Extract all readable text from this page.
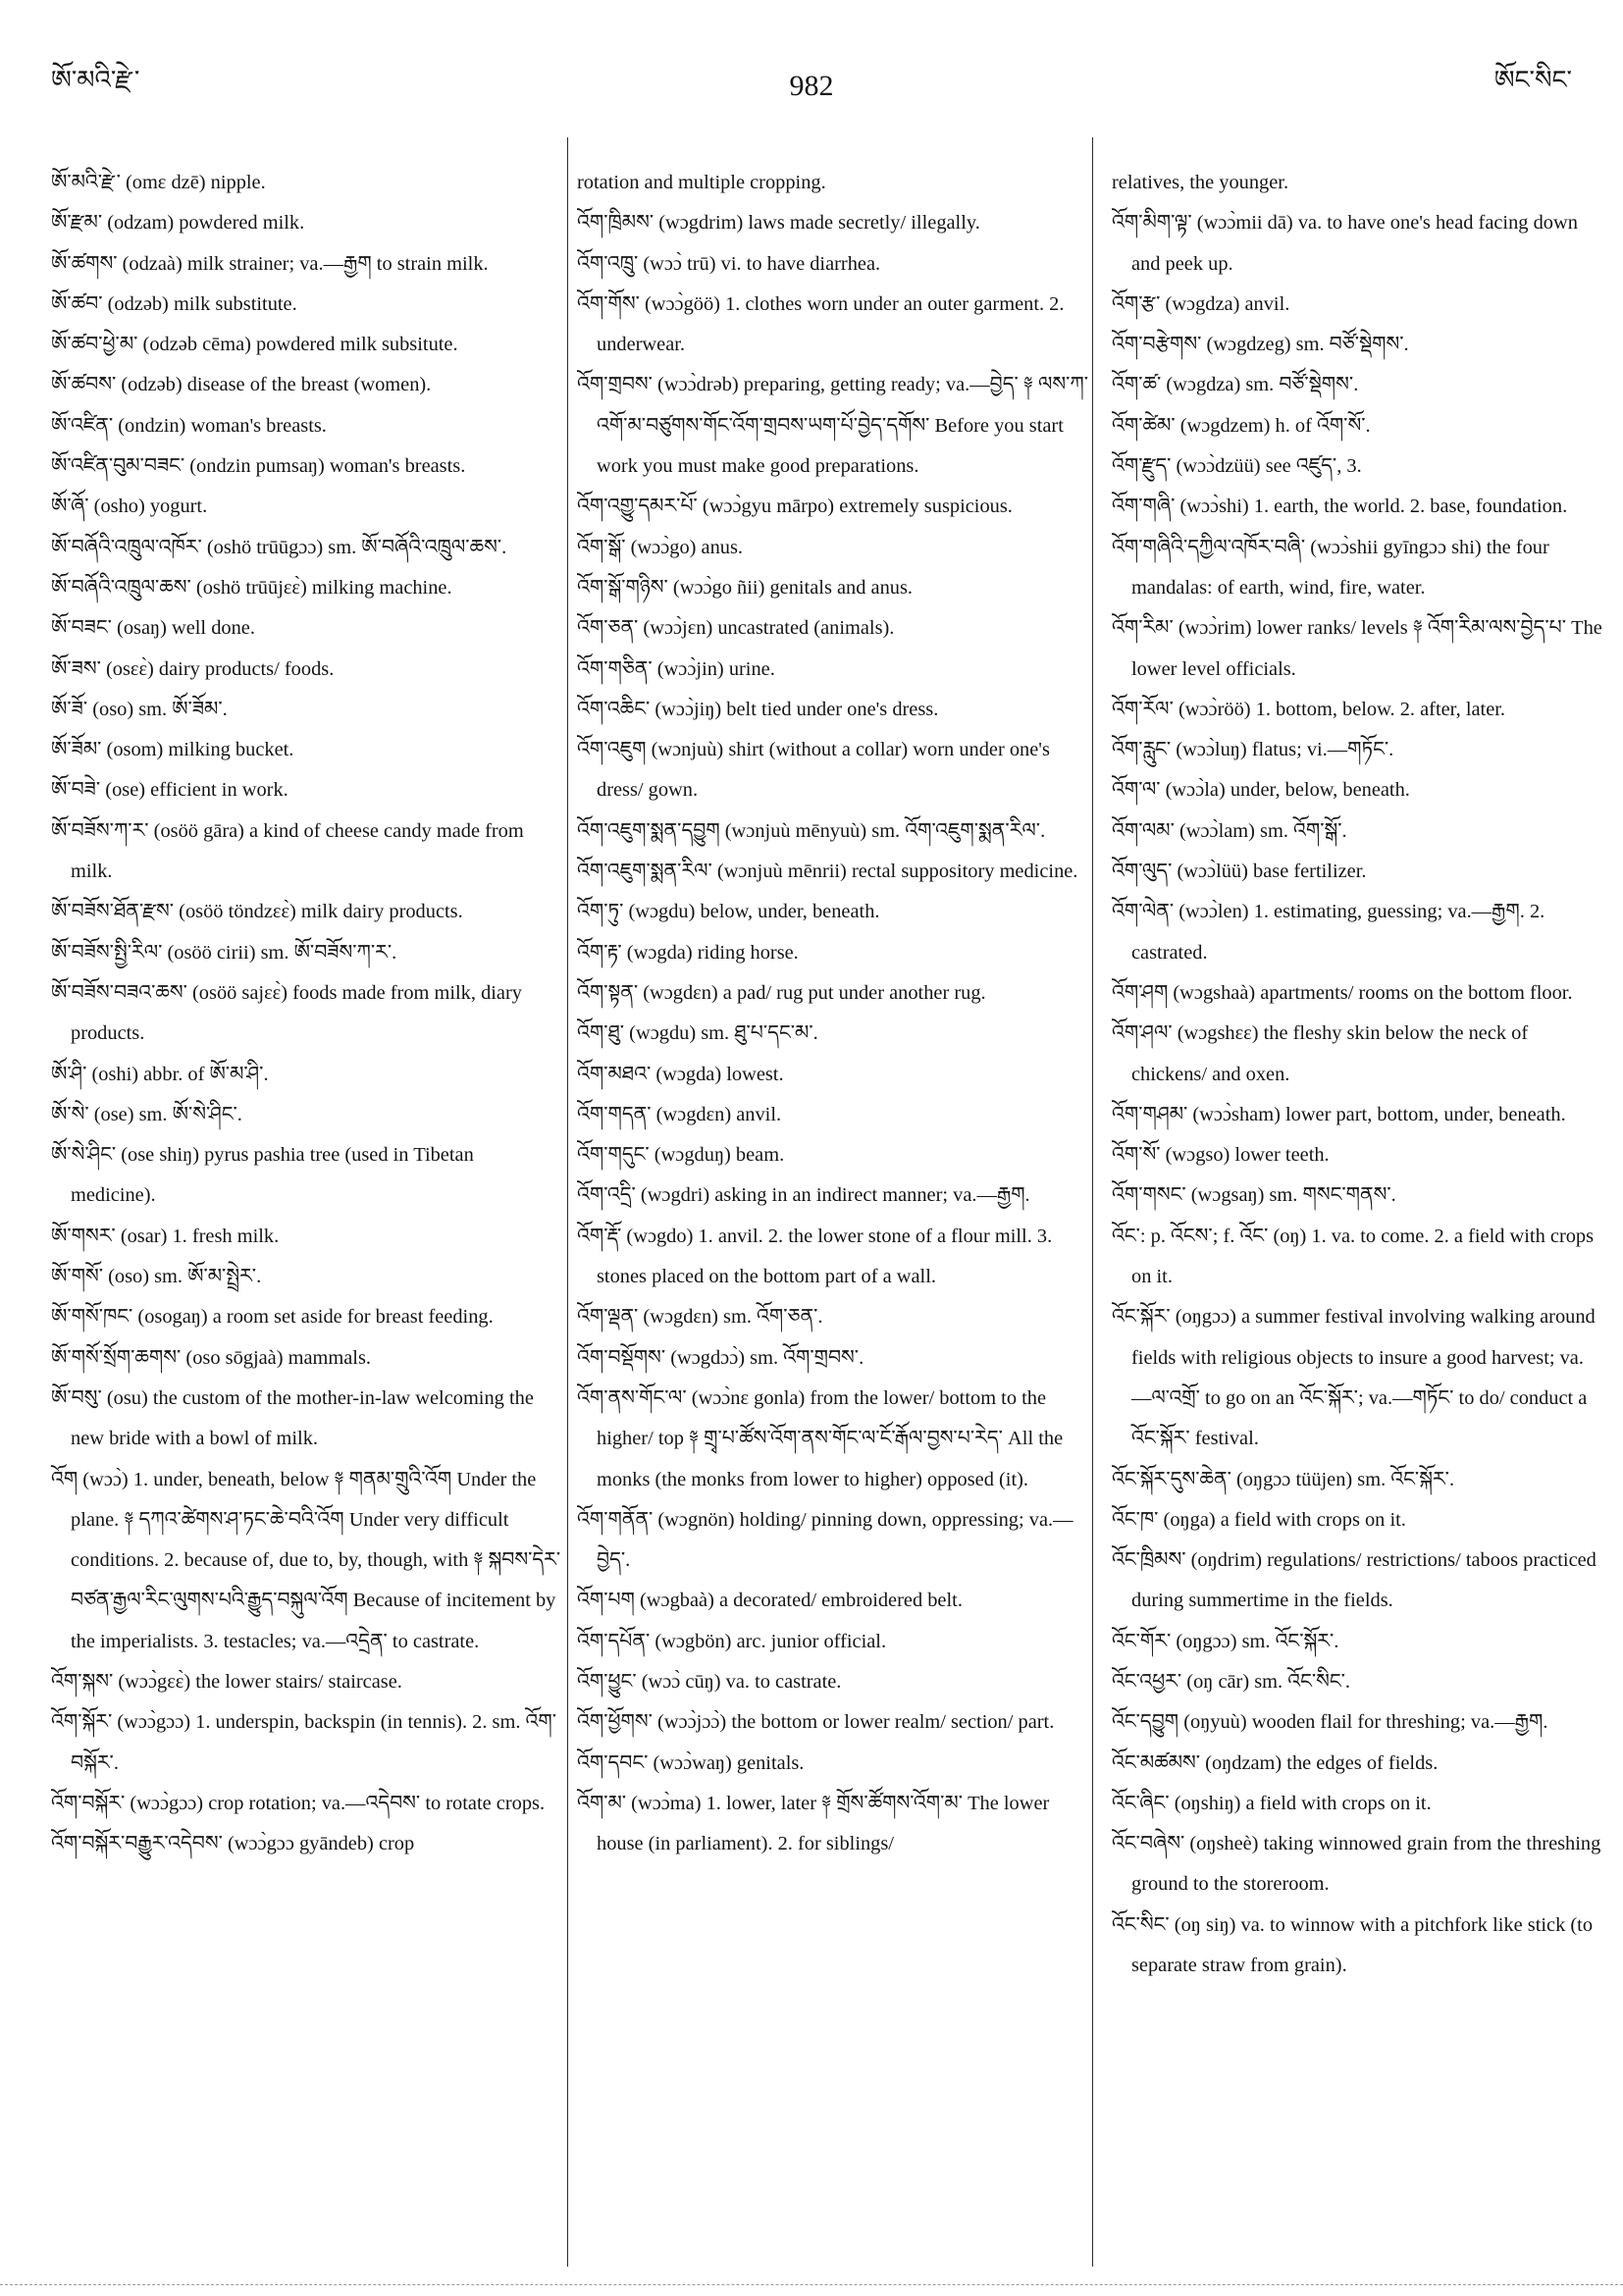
ཨོ་མའི་རྫེ་	982	ཨོང་སིང་

ཨོ་མའི་རྫེ་ (omɛ dzē) nipple.

ཨོ་རྫམ་ (odzam) powdered milk.

ཨོ་ཚགས་ (odzaà) milk strainer; va.—རྒྱག to strain milk.

ཨོ་ཚབ་ (odzəb) milk substitute.

ཨོ་ཚབ་ཕྱེ་མ་ (odzəb cēma) powdered milk subsitute.

ཨོ་ཚབས་ (odzəb) disease of the breast (women).

ཨོ་འཛིན་ (ondzin) woman's breasts.

ཨོ་འཛིན་བུམ་བཟང་ (ondzin pumsaŋ) woman's breasts.

ཨོ་ཞོ་ (osho) yogurt.

ཨོ་བཞོའི་འཁྲུལ་འཁོར་ (oshö trūūgɔɔ) sm. ཨོ་བཞོའི་འཁྲུལ་ཆས་.

ཨོ་བཞོའི་འཁྲུལ་ཆས་ (oshö trūūjɛɛ̀) milking machine.

ཨོ་བཟང་ (osaŋ) well done.

ཨོ་ཟས་ (osɛɛ̀) dairy products/ foods.

ཨོ་ཟོ་ (oso) sm. ཨོ་ཟོམ་.

ཨོ་ཟོམ་ (osom) milking bucket.

ཨོ་བཟེ་ (ose) efficient in work.

ཨོ་བཟོས་ཀ་ར་ (osöö gāra) a kind of cheese candy made from milk.

ཨོ་བཟོས་ཐོན་རྫས་ (osöö töndzɛɛ̀) milk dairy products.

ཨོ་བཟོས་སྤྱི་རིལ་ (osöö cirii) sm. ཨོ་བཟོས་ཀ་ར་.

ཨོ་བཟོས་བཟའ་ཆས་ (osöö sajɛɛ̀) foods made from milk, diary products.

ཨོ་ཤི་ (oshi) abbr. of ཨོ་མ་ཤི་.

ཨོ་སེ་ (ose) sm. ཨོ་སེ་ཤིང་.

ཨོ་སེ་ཤིང་ (ose shiŋ) pyrus pashia tree (used in Tibetan medicine).

ཨོ་གསར་ (osar) 1. fresh milk.

ཨོ་གསོ་ (oso) sm. ཨོ་མ་སྤྲེར་.

ཨོ་གསོ་ཁང་ (osogaŋ) a room set aside for breast feeding.

ཨོ་གསོ་སྲོག་ཆགས་ (oso sōgjaà) mammals.

ཨོ་བསུ་ (osu) the custom of the mother-in-law welcoming the new bride with a bowl of milk.

འོག (wɔɔ̀) 1. under, beneath, below ༈ གནམ་གྲུའི་འོག Under the plane. ༈ དཀའ་ཚེགས་ཤ་ཏང་ཆེ་བའི་འོག Under very difficult conditions. 2. because of, due to, by, though, with ༈ སྐབས་དེར་བཙན་རྒྱལ་རིང་ལུགས་པའི་རྒྱུད་བསྐུལ་འོག Because of incitement by the imperialists. 3. testacles; va.—འདྲེན་ to castrate.

འོག་སྐས་ (wɔɔ̀gɛɛ̀) the lower stairs/ staircase.

འོག་སྐོར་ (wɔɔ̀gɔɔ) 1. underspin, backspin (in tennis). 2. sm. འོག་བསྐོར་.

འོག་བསྐོར་ (wɔɔ̀gɔɔ) crop rotation; va.—འདེབས་ to rotate crops.

འོག་བསྐོར་བརྒྱུར་འདེབས་ (wɔɔ̀gɔɔ gyāndeb) crop

rotation and multiple cropping.

འོག་ཁྲིམས་ (wɔgdrim) laws made secretly/ illegally.

འོག་འཁྲུ་ (wɔɔ̀ trū) vi. to have diarrhea.

འོག་གོས་ (wɔɔ̀göö) 1. clothes worn under an outer garment. 2. underwear.

འོག་གྲབས་ (wɔɔ̀drəb) preparing, getting ready; va.—བྱེད་ ༈ ལས་ཀ་འགོ་མ་བཙུགས་གོང་འོག་གྲབས་ཡག་པོ་བྱེད་དགོས་ Before you start work you must make good preparations.

འོག་འགྱུ་དམར་པོ་ (wɔɔ̀gyu mārpo) extremely suspicious.

འོག་སྒོ་ (wɔɔ̀go) anus.

འོག་སྒོ་གཉིས་ (wɔɔ̀go ñii) genitals and anus.

འོག་ཅན་ (wɔɔ̀jɛn) uncastrated (animals).

འོག་གཅིན་ (wɔɔ̀jin) urine.

འོག་འཆིང་ (wɔɔ̀jiŋ) belt tied under one's dress.

འོག་འཇུག (wɔnjuù) shirt (without a collar) worn under one's dress/ gown.

འོག་འཇུག་སྨན་དབྱུག (wɔnjuù mēnyuù) sm. འོག་འཇུག་སྨན་རིལ་.

འོག་འཇུག་སྨན་རིལ་ (wɔnjuù mēnrii) rectal suppository medicine.

འོག་ཏུ་ (wɔgdu) below, under, beneath.

འོག་རྟ་ (wɔgda) riding horse.

འོག་སྟན་ (wɔgdɛn) a pad/ rug put under another rug.

འོག་ཐུ་ (wɔgdu) sm. ཐུ་པ་དང་མ་.

འོག་མཐའ་ (wɔgda) lowest.

འོག་གདན་ (wɔgdɛn) anvil.

འོག་གདུང་ (wɔgduŋ) beam.

འོག་འདྲི་ (wɔgdri) asking in an indirect manner; va.—རྒྱག.

འོག་རྡོ་ (wɔgdo) 1. anvil. 2. the lower stone of a flour mill. 3. stones placed on the bottom part of a wall.

འོག་ལྡན་ (wɔgdɛn) sm. འོག་ཅན་.

འོག་བསྡོགས་ (wɔgdɔɔ̀) sm. འོག་གྲབས་.

འོག་ནས་གོང་ལ་ (wɔɔ̀nɛ gonla) from the lower/ bottom to the higher/ top ༈ གྲྭ་པ་ཚོས་འོག་ནས་གོང་ལ་ངོ་རྒོལ་བྱས་པ་རེད་ All the monks (the monks from lower to higher) opposed (it).

འོག་གནོན་ (wɔgnön) holding/ pinning down, oppressing; va.—བྱེད་.

འོག་པག (wɔgbaà) a decorated/ embroidered belt.

འོག་དཔོན་ (wɔgbön) arc. junior official.

འོག་ཕྱུང་ (wɔɔ̀ cūŋ) va. to castrate.

འོག་ཕྱོགས་ (wɔɔ̀jɔɔ̀) the bottom or lower realm/ section/ part.

འོག་དབང་ (wɔɔ̀waŋ) genitals.

འོག་མ་ (wɔɔ̀ma) 1. lower, later ༈ གྲོས་ཚོགས་འོག་མ་ The lower house (in parliament). 2. for siblings/

relatives, the younger.

འོག་མིག་ལྟ་ (wɔɔ̀mii dā) va. to have one's head facing down and peek up.

འོག་རྩ་ (wɔgdza) anvil.

འོག་བརྩེགས་ (wɔgdzeg) sm. བཙོ་སྡེགས་.

འོག་ཚ་ (wɔgdza) sm. བཙོ་སྡེགས་.

འོག་ཚེམ་ (wɔgdzem) h. of འོག་སོ་.

འོག་རྫུད་ (wɔɔ̀dzüü) see འཛུད་, 3.

འོག་གཞི་ (wɔɔ̀shi) 1. earth, the world. 2. base, foundation.

འོག་གཞིའི་དཀྱིལ་འཁོར་བཞི་ (wɔɔ̀shii gyīngɔɔ shi) the four mandalas: of earth, wind, fire, water.

འོག་རིམ་ (wɔɔ̀rim) lower ranks/ levels ༈ འོག་རིམ་ལས་བྱེད་པ་ The lower level officials.

འོག་རོལ་ (wɔɔ̀röö) 1. bottom, below. 2. after, later.

འོག་རླུང་ (wɔɔ̀luŋ) flatus; vi.—གཏོང་.

འོག་ལ་ (wɔɔ̀la) under, below, beneath.

འོག་ལམ་ (wɔɔ̀lam) sm. འོག་སྒོ་.

འོག་ལུད་ (wɔɔ̀lüü) base fertilizer.

འོག་ལེན་ (wɔɔ̀len) 1. estimating, guessing; va.—རྒྱག. 2. castrated.

འོག་ཤག (wɔgshaà) apartments/ rooms on the bottom floor.

འོག་ཤལ་ (wɔgshɛɛ) the fleshy skin below the neck of chickens/ and oxen.

འོག་གཤམ་ (wɔɔ̀sham) lower part, bottom, under, beneath.

འོག་སོ་ (wɔgso) lower teeth.

འོག་གསང་ (wɔgsaŋ) sm. གསང་གནས་.

འོང་: p. འོངས་; f. འོང་ (oŋ) 1. va. to come. 2. a field with crops on it.

འོང་སྐོར་ (oŋgɔɔ) a summer festival involving walking around fields with religious objects to insure a good harvest; va.—ལ་འགྲོ་ to go on an འོང་སྐོར་; va.—གཏོང་ to do/ conduct a འོང་སྐོར་ festival.

འོང་སྐོར་དུས་ཆེན་ (oŋgɔɔ tüüjen) sm. འོང་སྐོར་.

འོང་ཁ་ (oŋga) a field with crops on it.

འོང་ཁྲིམས་ (oŋdrim) regulations/ restrictions/ taboos practiced during summertime in the fields.

འོང་གོར་ (oŋgɔɔ) sm. འོང་སྐོར་.

འོང་འཕྱར་ (oŋ cār) sm. འོང་སིང་.

འོང་དབྱུག (oŋyuù) wooden flail for threshing; va.—རྒྱག.

འོང་མཚམས་ (oŋdzam) the edges of fields.

འོང་ཞིང་ (oŋshiŋ) a field with crops on it.

འོང་བཞེས་ (oŋsheè) taking winnowed grain from the threshing ground to the storeroom.

འོང་སིང་ (oŋ siŋ) va. to winnow with a pitchfork like stick (to separate straw from grain).
